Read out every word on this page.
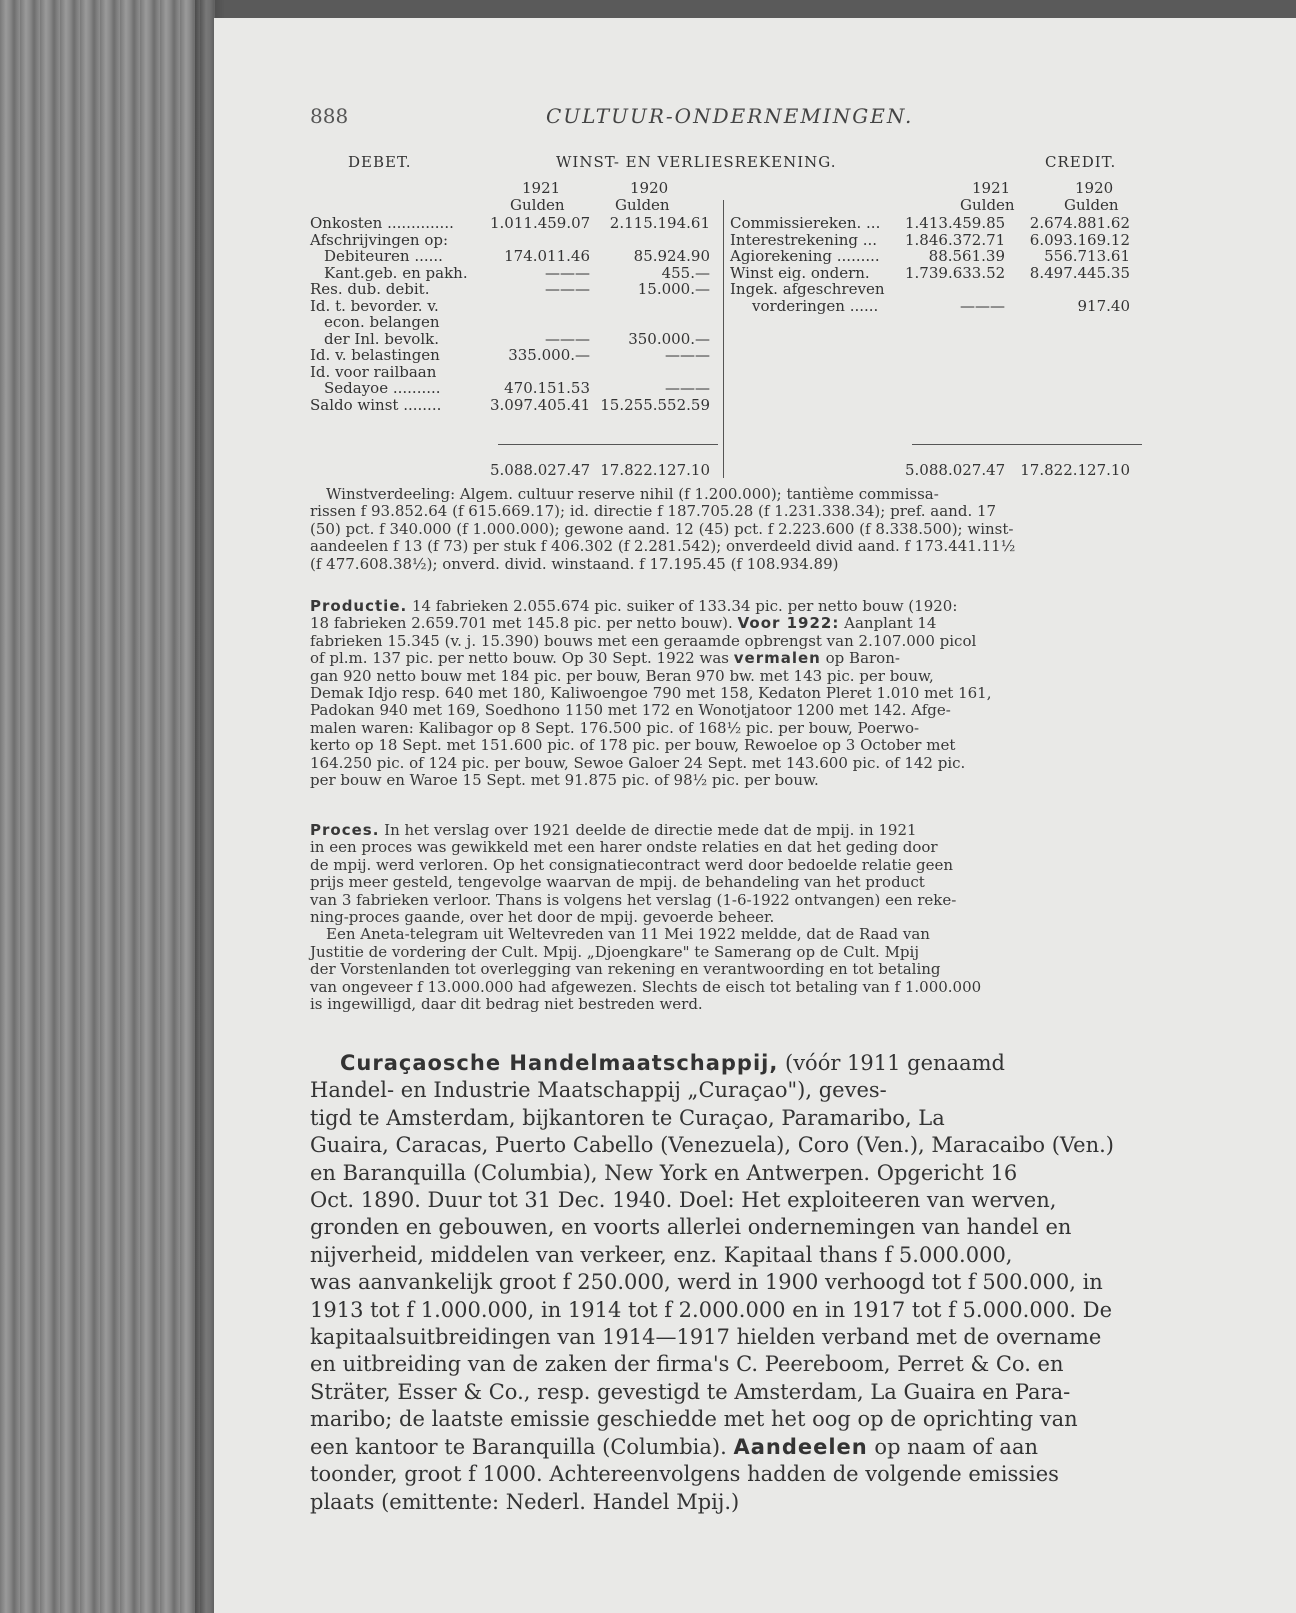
888	CULTUUR-ONDERNEMINGEN.
DEBET.	WINST- EN VERLIESREKENING.	CREDIT.
1921	1920
Gulden	Gulden
1921	1920
Gulden	Gulden
Onkosten .............. 1.011.459.07	2.115.194.61
Afschrijvingen op:
Debiteuren ......	174.011.46	85.924.90
Kant.geb. en pakh.	———	455.—
Res. dub. debit.	———	15.000.—
Id. t. bevorder. v.
econ. belangen
der Inl. bevolk.	———	350.000.—
Id. v. belastingen	335.000.—	———
Id. voor railbaan
Sedayoe ..........	470.151.53	———
Saldo winst ........	3.097.405.41 15.255.552.59
Commissiereken. ... 1.413.459.85	2.674.881.62
Interestrekening ... 1.846.372.71	6.093.169.12
Agiorekening .........	88.561.39	556.713.61
Winst eig. ondern. 1.739.633.52	8.497.445.35
Ingek. afgeschreven
vorderingen ......	———	917.40
5.088.027.47 17.822.127.10	5.088.027.47	17.822.127.10
Winstverdeeling: Algem. cultuur reserve nihil (f 1.200.000); tantième commissa-
rissen f 93.852.64 (f 615.669.17); id. directie f 187.705.28 (f 1.231.338.34); pref. aand. 17
(50) pct. f 340.000 (f 1.000.000); gewone aand. 12 (45) pct. f 2.223.600 (f 8.338.500); winst-
aandeelen f 13 (f 73) per stuk f 406.302 (f 2.281.542); onverdeeld divid aand. f 173.441.11½
(f 477.608.38½); onverd. divid. winstaand. f 17.195.45 (f 108.934.89)
Productie. 14 fabrieken 2.055.674 pic. suiker of 133.34 pic. per netto bouw (1920:
18 fabrieken 2.659.701 met 145.8 pic. per netto bouw). Voor 1922: Aanplant 14
fabrieken 15.345 (v. j. 15.390) bouws met een geraamde opbrengst van 2.107.000 picol
of pl.m. 137 pic. per netto bouw. Op 30 Sept. 1922 was vermalen op Baron-
gan 920 netto bouw met 184 pic. per bouw, Beran 970 bw. met 143 pic. per bouw,
Demak Idjo resp. 640 met 180, Kaliwoengoe 790 met 158, Kedaton Pleret 1.010 met 161,
Padokan 940 met 169, Soedhono 1150 met 172 en Wonotjatoor 1200 met 142. Afge-
malen waren: Kalibagor op 8 Sept. 176.500 pic. of 168½ pic. per bouw, Poerwo-
kerto op 18 Sept. met 151.600 pic. of 178 pic. per bouw, Rewoeloe op 3 October met
164.250 pic. of 124 pic. per bouw, Sewoe Galoer 24 Sept. met 143.600 pic. of 142 pic.
per bouw en Waroe 15 Sept. met 91.875 pic. of 98½ pic. per bouw.
Proces. In het verslag over 1921 deelde de directie mede dat de mpij. in 1921
in een proces was gewikkeld met een harer ondste relaties en dat het geding door
de mpij. werd verloren. Op het consignatiecontract werd door bedoelde relatie geen
prijs meer gesteld, tengevolge waarvan de mpij. de behandeling van het product
van 3 fabrieken verloor. Thans is volgens het verslag (1-6-1922 ontvangen) een reke-
ning-proces gaande, over het door de mpij. gevoerde beheer.
Een Aneta-telegram uit Weltevreden van 11 Mei 1922 meldde, dat de Raad van
Justitie de vordering der Cult. Mpij. „Djoengkare" te Samerang op de Cult. Mpij
der Vorstenlanden tot overlegging van rekening en verantwoording en tot betaling
van ongeveer f 13.000.000 had afgewezen. Slechts de eisch tot betaling van f 1.000.000
is ingewilligd, daar dit bedrag niet bestreden werd.
Curaçaosche Handelmaatschappij, (vóór 1911 genaamd
Handel- en Industrie Maatschappij „Curaçao"), geves-
tigd te Amsterdam, bijkantoren te Curaçao, Paramaribo, La
Guaira, Caracas, Puerto Cabello (Venezuela), Coro (Ven.), Maracaibo (Ven.)
en Baranquilla (Columbia), New York en Antwerpen. Opgericht 16
Oct. 1890. Duur tot 31 Dec. 1940. Doel: Het exploiteeren van werven,
gronden en gebouwen, en voorts allerlei ondernemingen van handel en
nijverheid, middelen van verkeer, enz. Kapitaal thans f 5.000.000,
was aanvankelijk groot f 250.000, werd in 1900 verhoogd tot f 500.000, in
1913 tot f 1.000.000, in 1914 tot f 2.000.000 en in 1917 tot f 5.000.000. De
kapitaalsuitbreidingen van 1914—1917 hielden verband met de overname
en uitbreiding van de zaken der firma's C. Peereboom, Perret & Co. en
Sträter, Esser & Co., resp. gevestigd te Amsterdam, La Guaira en Para-
maribo; de laatste emissie geschiedde met het oog op de oprichting van
een kantoor te Baranquilla (Columbia). Aandeelen op naam of aan
toonder, groot f 1000. Achtereenvolgens hadden de volgende emissies
plaats (emittente: Nederl. Handel Mpij.)
